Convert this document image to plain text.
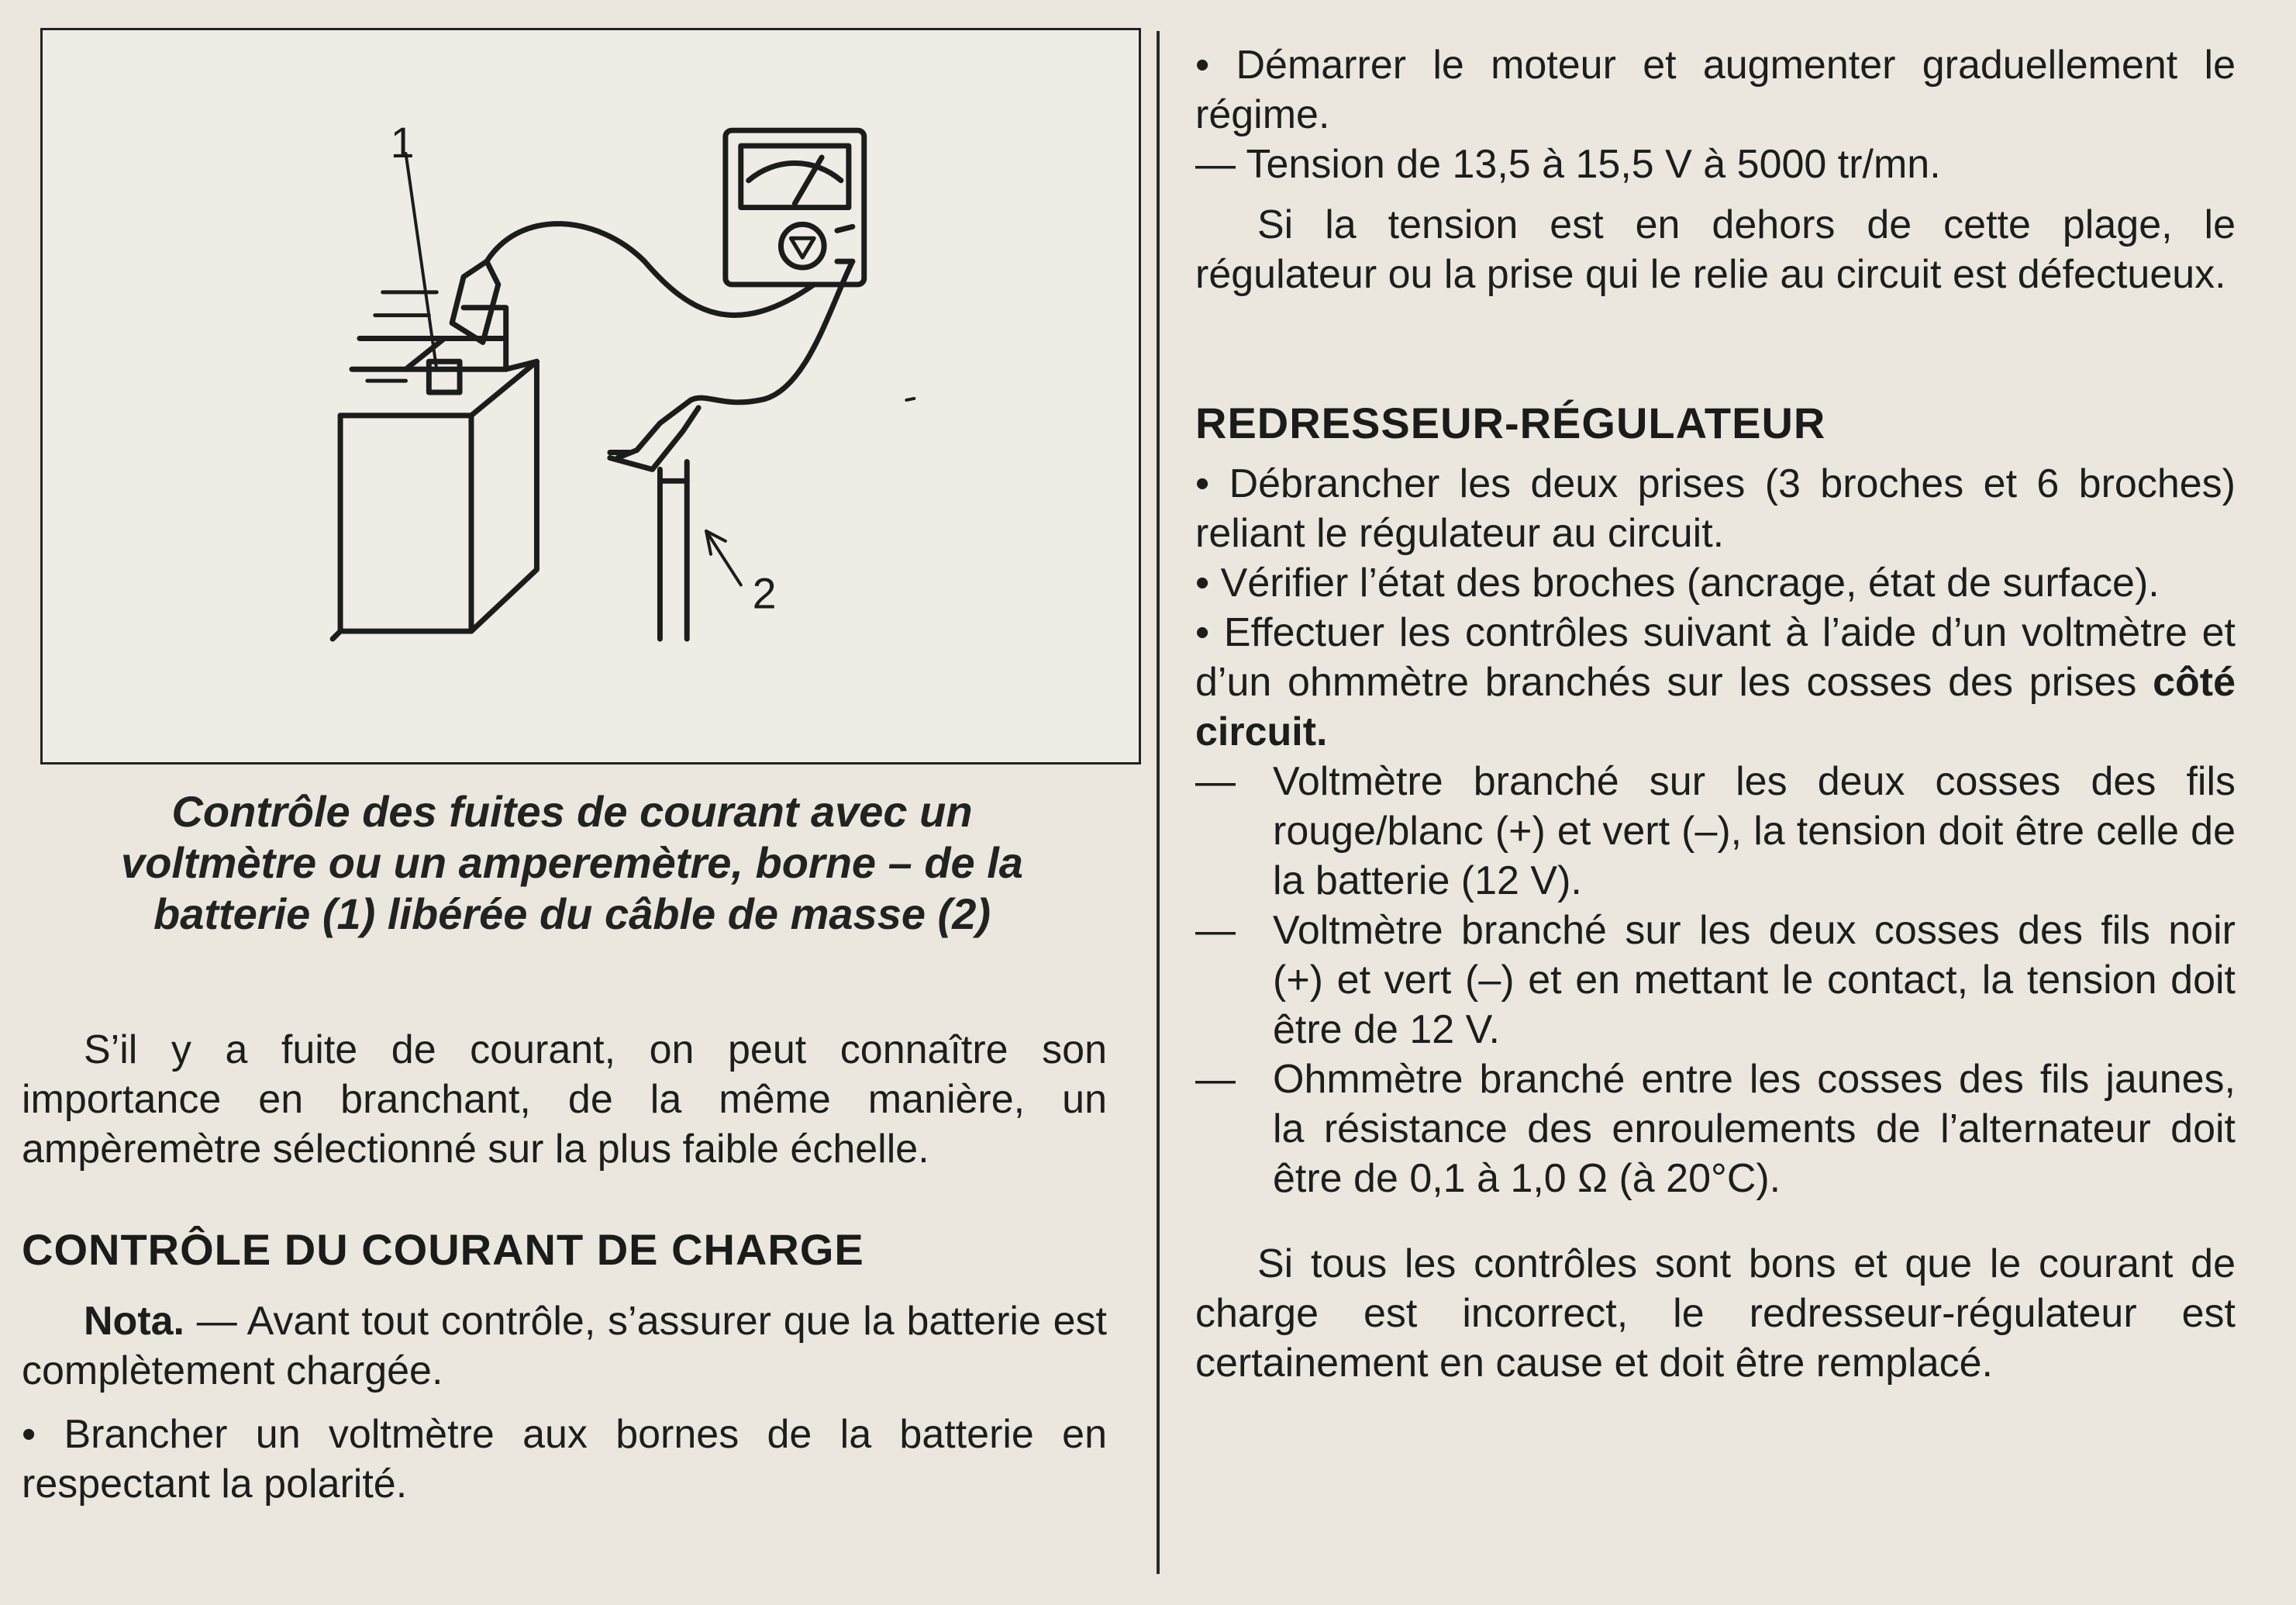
1
2

Contrôle des fuites de courant avec un voltmètre ou un amperemètre, borne – de la batterie (1) libérée du câble de masse (2)

S’il y a fuite de courant, on peut connaître son importance en branchant, de la même manière, un ampèremètre sélectionné sur la plus faible échelle.

CONTRÔLE DU COURANT DE CHARGE

Nota. — Avant tout contrôle, s’assurer que la batterie est complètement chargée.

• Brancher un voltmètre aux bornes de la batterie en respectant la polarité.

• Démarrer le moteur et augmenter graduellement le régime.

— Tension de 13,5 à 15,5 V à 5000 tr/mn.

Si la tension est en dehors de cette plage, le régulateur ou la prise qui le relie au circuit est défectueux.

REDRESSEUR-RÉGULATEUR

• Débrancher les deux prises (3 broches et 6 broches) reliant le régulateur au circuit.

• Vérifier l’état des broches (ancrage, état de surface).

• Effectuer les contrôles suivant à l’aide d’un voltmètre et d’un ohmmètre branchés sur les cosses des prises côté circuit.

— Voltmètre branché sur les deux cosses des fils rouge/blanc (+) et vert (–), la tension doit être celle de la batterie (12 V).
— Voltmètre branché sur les deux cosses des fils noir (+) et vert (–) et en mettant le contact, la tension doit être de 12 V.
— Ohmmètre branché entre les cosses des fils jaunes, la résistance des enroulements de l’alternateur doit être de 0,1 à 1,0 Ω (à 20°C).

Si tous les contrôles sont bons et que le courant de charge est incorrect, le redresseur-régulateur est certainement en cause et doit être remplacé.
